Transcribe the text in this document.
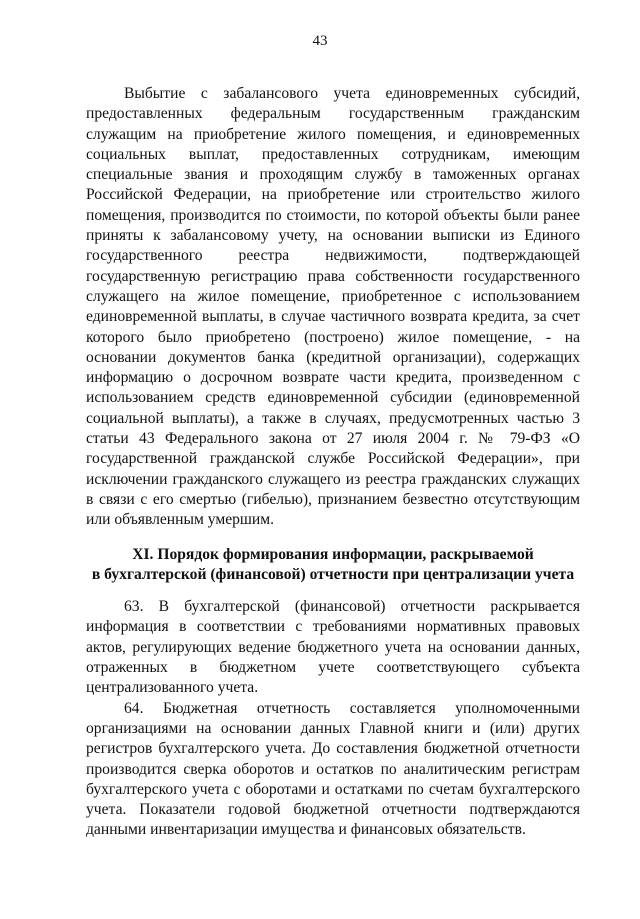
43

Выбытие с забалансового учета единовременных субсидий, предоставленных федеральным государственным гражданским служащим на приобретение жилого помещения, и единовременных социальных выплат, предоставленных сотрудникам, имеющим специальные звания и проходящим службу в таможенных органах Российской Федерации, на приобретение или строительство жилого помещения, производится по стоимости, по которой объекты были ранее приняты к забалансовому учету, на основании выписки из Единого государственного реестра недвижимости, подтверждающей государственную регистрацию права собственности государственного служащего на жилое помещение, приобретенное с использованием единовременной выплаты, в случае частичного возврата кредита, за счет которого было приобретено (построено) жилое помещение, - на основании документов банка (кредитной организации), содержащих информацию о досрочном возврате части кредита, произведенном с использованием средств единовременной субсидии (единовременной социальной выплаты), а также в случаях, предусмотренных частью 3 статьи 43 Федерального закона от 27 июля 2004 г. № 79-ФЗ «О государственной гражданской службе Российской Федерации», при исключении гражданского служащего из реестра гражданских служащих в связи с его смертью (гибелью), признанием безвестно отсутствующим или объявленным умершим.

XI. Порядок формирования информации, раскрываемой
в бухгалтерской (финансовой) отчетности при централизации учета

63. В бухгалтерской (финансовой) отчетности раскрывается информация в соответствии с требованиями нормативных правовых актов, регулирующих ведение бюджетного учета на основании данных, отраженных в бюджетном учете соответствующего субъекта централизованного учета.

64. Бюджетная отчетность составляется уполномоченными организациями на основании данных Главной книги и (или) других регистров бухгалтерского учета. До составления бюджетной отчетности производится сверка оборотов и остатков по аналитическим регистрам бухгалтерского учета с оборотами и остатками по счетам бухгалтерского учета. Показатели годовой бюджетной отчетности подтверждаются данными инвентаризации имущества и финансовых обязательств.
